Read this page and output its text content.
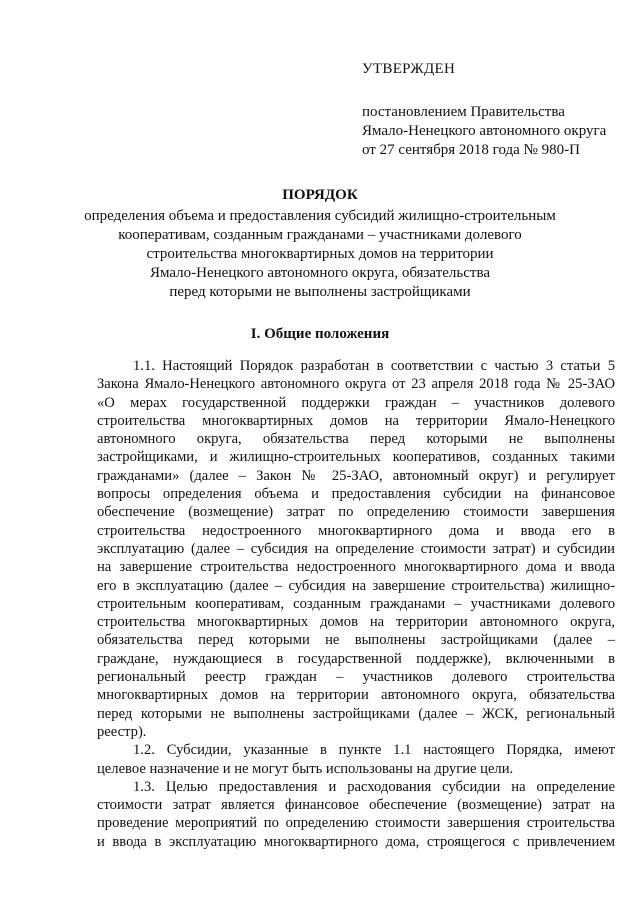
УТВЕРЖДЕН
постановлением Правительства
Ямало-Ненецкого автономного округа
от 27 сентября 2018 года № 980-П
ПОРЯДОК
определения объема и предоставления субсидий жилищно-строительным
кооперативам, созданным гражданами – участниками долевого
строительства многоквартирных домов на территории
Ямало-Ненецкого автономного округа, обязательства
перед которыми не выполнены застройщиками
I. Общие положения
1.1. Настоящий Порядок разработан в соответствии с частью 3 статьи 5
Закона Ямало-Ненецкого автономного округа от 23 апреля 2018 года № 25-ЗАО
«О мерах государственной поддержки граждан – участников долевого
строительства многоквартирных домов на территории Ямало-Ненецкого
автономного округа, обязательства перед которыми не выполнены
застройщиками, и жилищно-строительных кооперативов, созданных такими
гражданами» (далее – Закон № 25-ЗАО, автономный округ) и регулирует
вопросы определения объема и предоставления субсидии на финансовое
обеспечение (возмещение) затрат по определению стоимости завершения
строительства недостроенного многоквартирного дома и ввода его в
эксплуатацию (далее – субсидия на определение стоимости затрат) и субсидии
на завершение строительства недостроенного многоквартирного дома и ввода
его в эксплуатацию (далее – субсидия на завершение строительства) жилищно-
строительным кооперативам, созданным гражданами – участниками долевого
строительства многоквартирных домов на территории автономного округа,
обязательства перед которыми не выполнены застройщиками (далее –
граждане, нуждающиеся в государственной поддержке), включенными в
региональный реестр граждан – участников долевого строительства
многоквартирных домов на территории автономного округа, обязательства
перед которыми не выполнены застройщиками (далее – ЖСК, региональный
реестр).
1.2. Субсидии, указанные в пункте 1.1 настоящего Порядка, имеют
целевое назначение и не могут быть использованы на другие цели.
1.3. Целью предоставления и расходования субсидии на определение
стоимости затрат является финансовое обеспечение (возмещение) затрат на
проведение мероприятий по определению стоимости завершения строительства
и ввода в эксплуатацию многоквартирного дома, строящегося с привлечением
